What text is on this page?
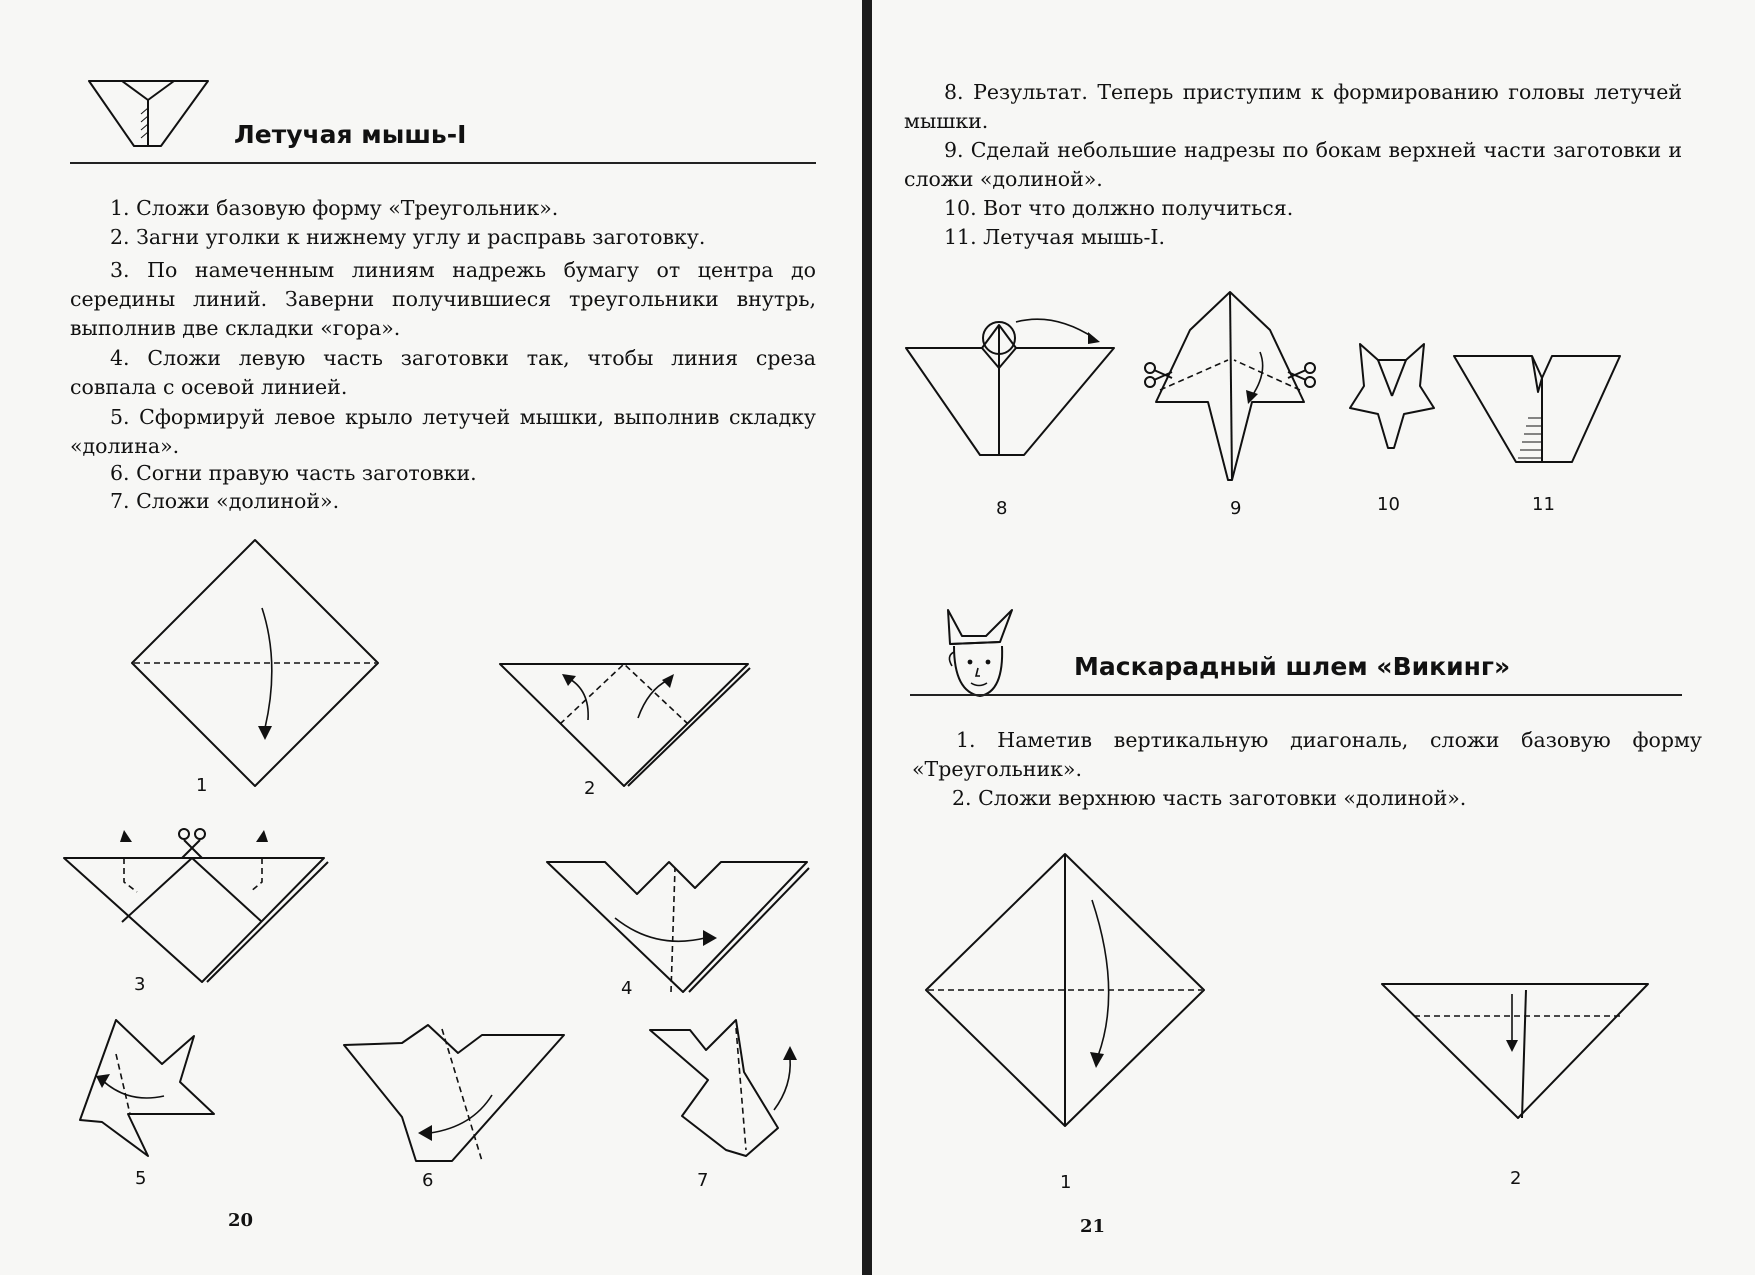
Летучая мышь-I

1. Сложи базовую форму «Треугольник».

2. Загни уголки к нижнему углу и расправь заготовку.

3. По намеченным линиям надрежь бумагу от центра до середины линий. Заверни получившиеся треугольники внутрь, выполнив две складки «гора».

4. Сложи левую часть заготовки так, чтобы линия среза совпала с осевой линией.

5. Сформируй левое крыло летучей мышки, выполнив складку «долина».

6. Согни правую часть заготовки.

7. Сложи «долиной».

1	2
3	4
5	6	7
20

8. Результат. Теперь приступим к формированию головы летучей мышки.

9. Сделай небольшие надрезы по бокам верхней части заготовки и сложи «долиной».

10. Вот что должно получиться.

11. Летучая мышь-I.

8	9	10	11
Маскарадный шлем «Викинг»

1. Наметив вертикальную диагональ, сложи базовую форму «Треугольник».

2. Сложи верхнюю часть заготовки «долиной».

1	2
21
